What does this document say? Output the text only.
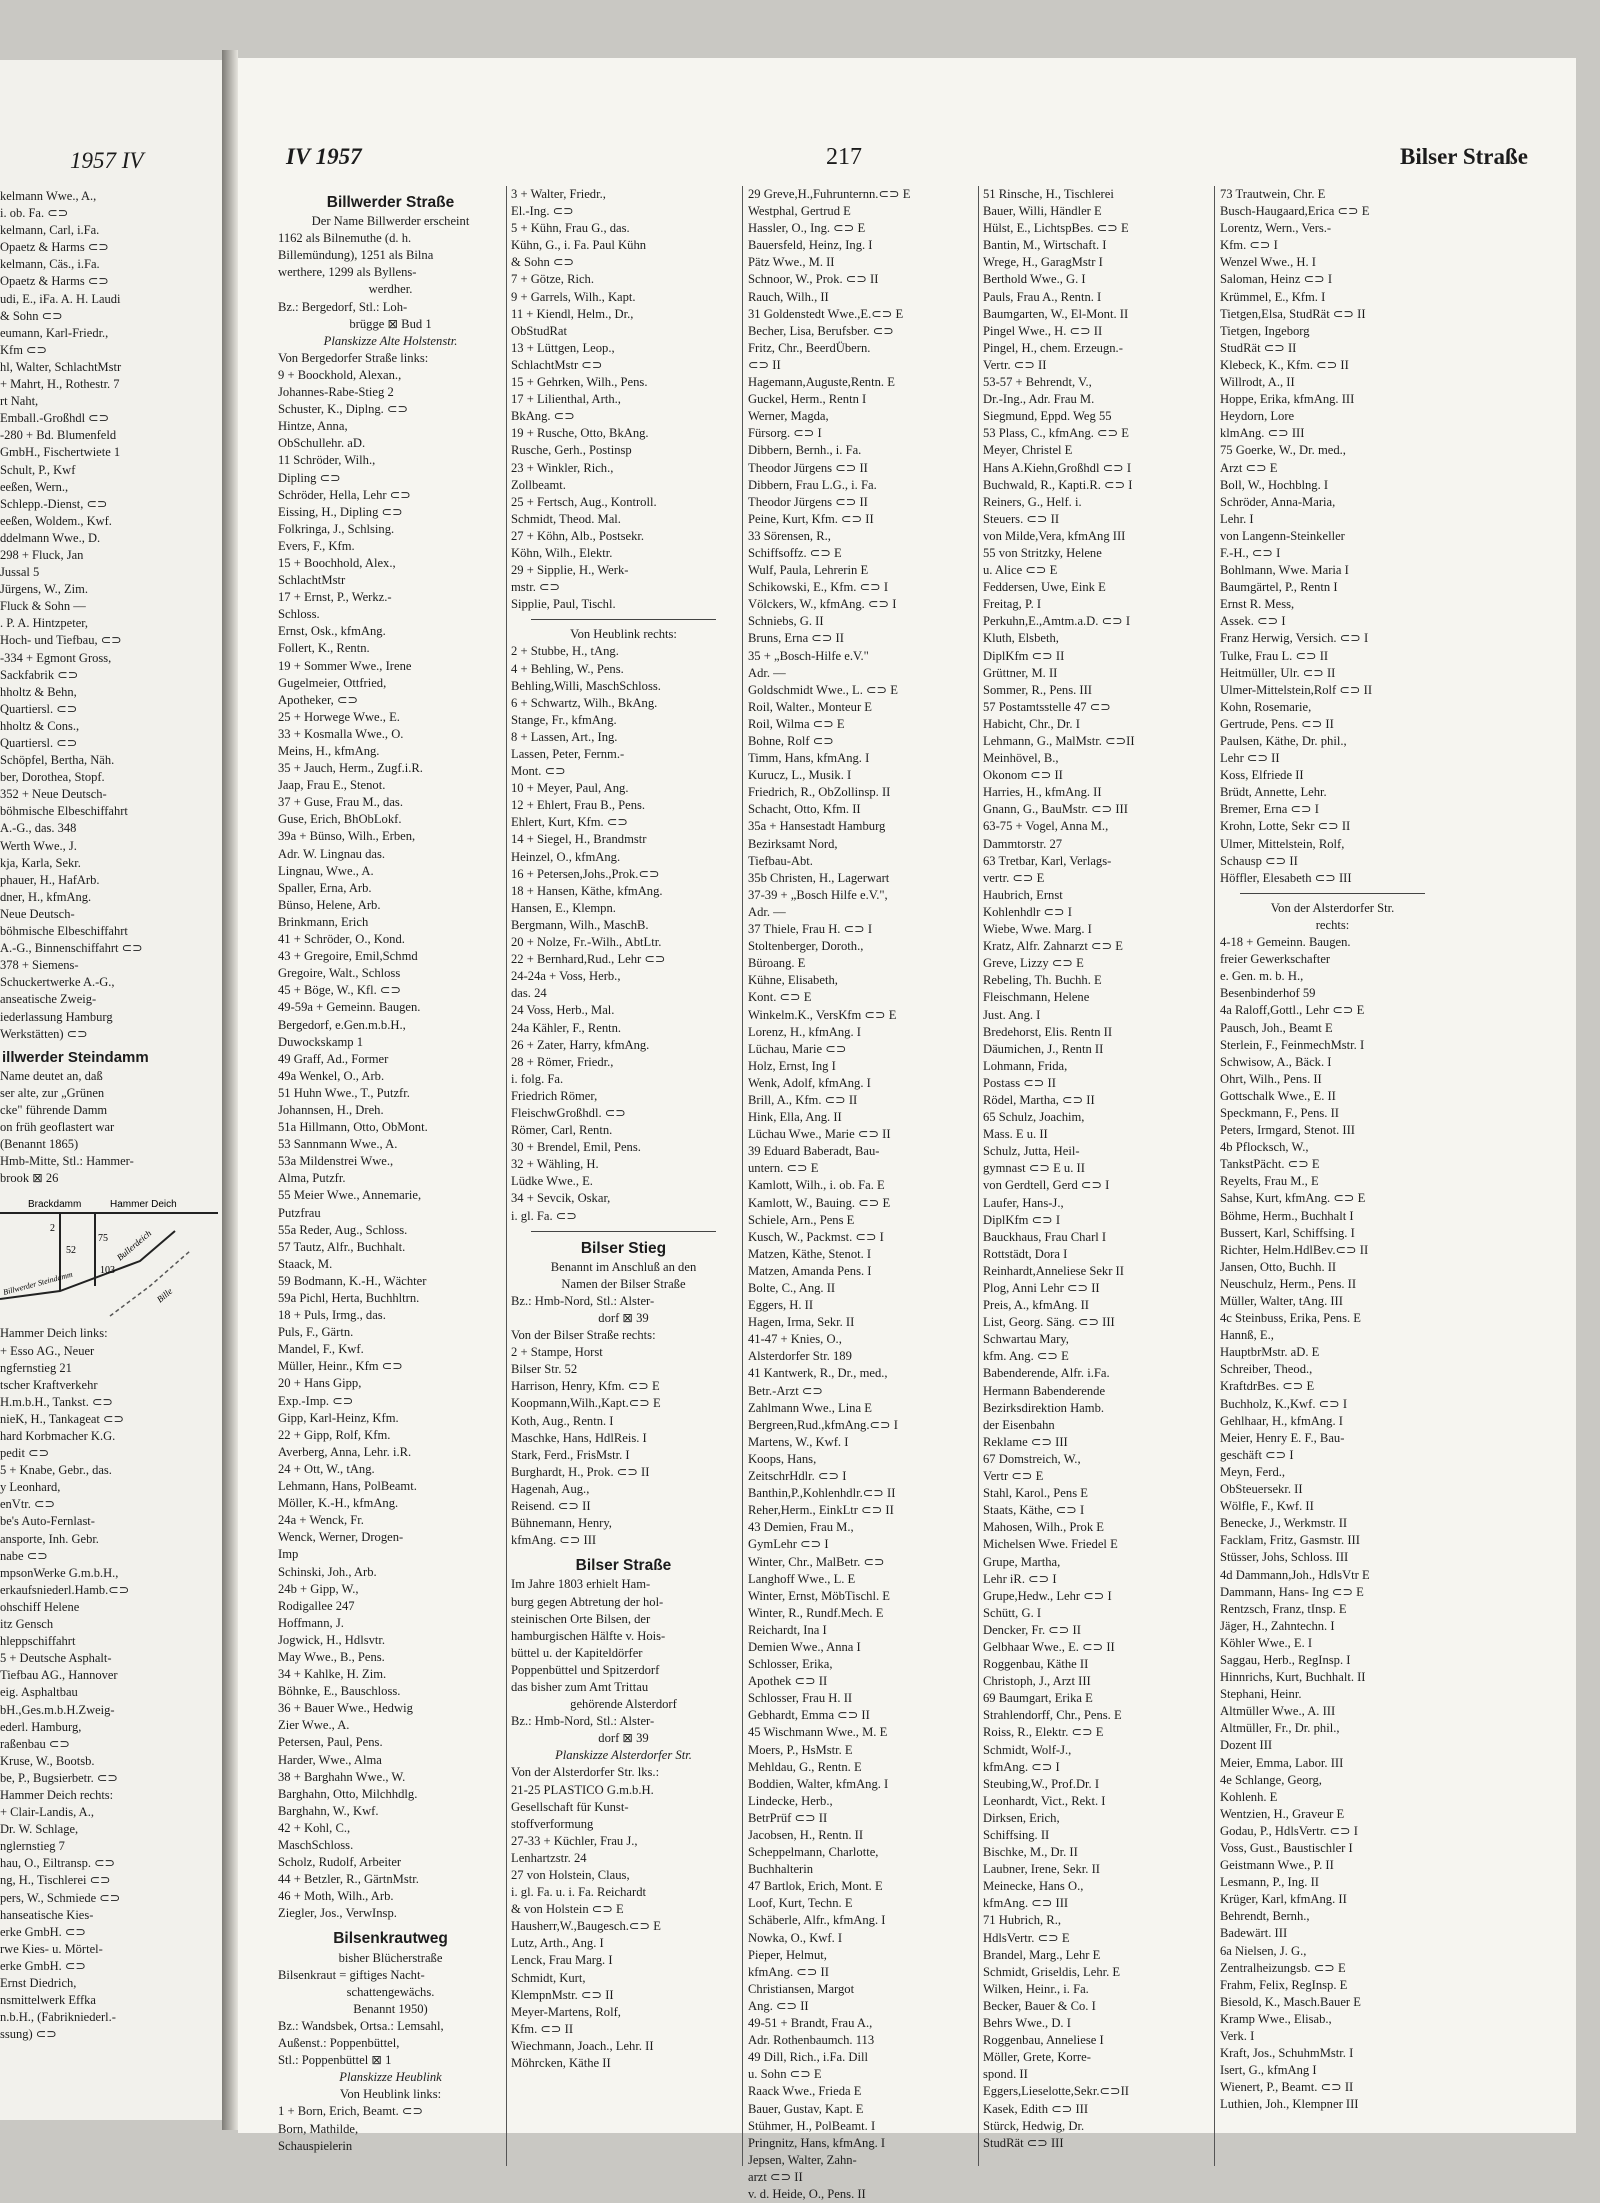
1957 IV
kelmann Wwe., A.,
i. ob. Fa. ⊂⊃
kelmann, Carl, i.Fa.
Opaetz & Harms ⊂⊃
kelmann, Cäs., i.Fa.
Opaetz & Harms ⊂⊃
udi, E., iFa. A. H. Laudi
& Sohn ⊂⊃
eumann, Karl-Friedr.,
Kfm ⊂⊃
hl, Walter, SchlachtMstr
+ Mahrt, H., Rothestr. 7
rt Naht,
Emball.-Großhdl ⊂⊃
-280 + Bd. Blumenfeld
GmbH., Fischertwiete 1
Schult, P., Kwf
eeßen, Wern.,
Schlepp.-Dienst, ⊂⊃
eeßen, Woldem., Kwf.
ddelmann Wwe., D.
298 + Fluck, Jan
Jussal 5
Jürgens, W., Zim.
Fluck & Sohn —
. P. A. Hintzpeter,
Hoch- und Tiefbau, ⊂⊃
-334 + Egmont Gross,
Sackfabrik ⊂⊃
hholtz & Behn,
Quartiersl. ⊂⊃
hholtz & Cons.,
Quartiersl. ⊂⊃
Schöpfel, Bertha, Näh.
ber, Dorothea, Stopf.
352 + Neue Deutsch-
böhmische Elbeschiffahrt
A.-G., das. 348
Werth Wwe., J.
kja, Karla, Sekr.
phauer, H., HafArb.
dner, H., kfmAng.
Neue Deutsch-
böhmische Elbeschiffahrt
A.-G., Binnenschiffahrt ⊂⊃
378 + Siemens-
Schuckertwerke A.-G.,
anseatische Zweig-
iederlassung Hamburg
Werkstätten) ⊂⊃
illwerder Steindamm
Name deutet an, daß
ser alte, zur „Grünen
cke" führende Damm
on früh geoflastert war
(Benannt 1865)
Hmb-Mitte, Stl.: Hammer-
brook ⊠ 26
Brackdamm	Hammer Deich
2
52
75
103
Bullerdeich
Billwerder Steindamm	Bille
Hammer Deich links:
+ Esso AG., Neuer
ngfernstieg 21
tscher Kraftverkehr
H.m.b.H., Tankst. ⊂⊃
nieK, H., Tankageat ⊂⊃
hard Korbmacher K.G.
pedit ⊂⊃
5 + Knabe, Gebr., das.
y Leonhard,
enVtr. ⊂⊃
be's Auto-Fernlast-
ansporte, Inh. Gebr.
nabe ⊂⊃
mpsonWerke G.m.b.H.,
erkaufsniederl.Hamb.⊂⊃
ohschiff Helene
itz Gensch
hleppschiffahrt
5 + Deutsche Asphalt-
Tiefbau AG., Hannover
eig. Asphaltbau
bH.,Ges.m.b.H.Zweig-
ederl. Hamburg,
raßenbau ⊂⊃
Kruse, W., Bootsb.
be, P., Bugsierbetr. ⊂⊃
Hammer Deich rechts:
+ Clair-Landis, A.,
Dr. W. Schlage,
nglernstieg 7
hau, O., Eiltransp. ⊂⊃
ng, H., Tischlerei ⊂⊃
pers, W., Schmiede ⊂⊃
hanseatische Kies-
erke GmbH. ⊂⊃
rwe Kies- u. Mörtel-
erke GmbH. ⊂⊃
Ernst Diedrich,
nsmittelwerk Effka
n.b.H., (Fabrikniederl.-
ssung) ⊂⊃
IV 1957	217	Bilser Straße
Billwerder Straße
Der Name Billwerder erscheint
1162 als Bilnemuthe (d. h.
Billemündung), 1251 als Bilna
werthere, 1299 als Byllens-
werdher.
Bz.: Bergedorf, Stl.: Loh-
brügge ⊠ Bud 1
Planskizze Alte Holstenstr.
Von Bergedorfer Straße links:
9 + Boockhold, Alexan.,
Johannes-Rabe-Stieg 2
Schuster, K., Diplng. ⊂⊃
Hintze, Anna,
ObSchullehr. aD.
11 Schröder, Wilh.,
Dipling ⊂⊃
Schröder, Hella, Lehr ⊂⊃
Eissing, H., Dipling ⊂⊃
Folkringa, J., Schlsing.
Evers, F., Kfm.
15 + Boochhold, Alex.,
SchlachtMstr
17 + Ernst, P., Werkz.-
Schloss.
Ernst, Osk., kfmAng.
Follert, K., Rentn.
19 + Sommer Wwe., Irene
Gugelmeier, Ottfried,
Apotheker, ⊂⊃
25 + Horwege Wwe., E.
33 + Kosmalla Wwe., O.
Meins, H., kfmAng.
35 + Jauch, Herm., Zugf.i.R.
Jaap, Frau E., Stenot.
37 + Guse, Frau M., das.
Guse, Erich, BhObLokf.
39a + Bünso, Wilh., Erben,
Adr. W. Lingnau das.
Lingnau, Wwe., A.
Spaller, Erna, Arb.
Bünso, Helene, Arb.
Brinkmann, Erich
41 + Schröder, O., Kond.
43 + Gregoire, Emil,Schmd
Gregoire, Walt., Schloss
45 + Böge, W., Kfl. ⊂⊃
49-59a + Gemeinn. Baugen.
Bergedorf, e.Gen.m.b.H.,
Duwockskamp 1
49 Graff, Ad., Former
49a Wenkel, O., Arb.
51 Huhn Wwe., T., Putzfr.
Johannsen, H., Dreh.
51a Hillmann, Otto, ObMont.
53 Sannmann Wwe., A.
53a Mildenstrei Wwe.,
Alma, Putzfr.
55 Meier Wwe., Annemarie,
Putzfrau
55a Reder, Aug., Schloss.
57 Tautz, Alfr., Buchhalt.
Staack, M.
59 Bodmann, K.-H., Wächter
59a Pichl, Herta, Buchhltrn.
18 + Puls, Irmg., das.
Puls, F., Gärtn.
Mandel, F., Kwf.
Müller, Heinr., Kfm ⊂⊃
20 + Hans Gipp,
Exp.-Imp. ⊂⊃
Gipp, Karl-Heinz, Kfm.
22 + Gipp, Rolf, Kfm.
Averberg, Anna, Lehr. i.R.
24 + Ott, W., tAng.
Lehmann, Hans, PolBeamt.
Möller, K.-H., kfmAng.
24a + Wenck, Fr.
Wenck, Werner, Drogen-
Imp
Schinski, Joh., Arb.
24b + Gipp, W.,
Rodigallee 247
Hoffmann, J.
Jogwick, H., Hdlsvtr.
May Wwe., B., Pens.
34 + Kahlke, H. Zim.
Böhnke, E., Bauschloss.
36 + Bauer Wwe., Hedwig
Zier Wwe., A.
Petersen, Paul, Pens.
Harder, Wwe., Alma
38 + Barghahn Wwe., W.
Barghahn, Otto, Milchhdlg.
Barghahn, W., Kwf.
42 + Kohl, C.,
MaschSchloss.
Scholz, Rudolf, Arbeiter
44 + Betzler, R., GärtnMstr.
46 + Moth, Wilh., Arb.
Ziegler, Jos., VerwInsp.
Bilsenkrautweg
bisher Blücherstraße
Bilsenkraut = giftiges Nacht-
schattengewächs.
Benannt 1950)
Bz.: Wandsbek, Ortsa.: Lemsahl,
Außenst.: Poppenbüttel,
Stl.: Poppenbüttel ⊠ 1
Planskizze Heublink
Von Heublink links:
1 + Born, Erich, Beamt. ⊂⊃
Born, Mathilde,
Schauspielerin
3 + Walter, Friedr.,
El.-Ing. ⊂⊃
5 + Kühn, Frau G., das.
Kühn, G., i. Fa. Paul Kühn
& Sohn ⊂⊃
7 + Götze, Rich.
9 + Garrels, Wilh., Kapt.
11 + Kiendl, Helm., Dr.,
ObStudRat
13 + Lüttgen, Leop.,
SchlachtMstr ⊂⊃
15 + Gehrken, Wilh., Pens.
17 + Lilienthal, Arth.,
BkAng. ⊂⊃
19 + Rusche, Otto, BkAng.
Rusche, Gerh., Postinsp
23 + Winkler, Rich.,
Zollbeamt.
25 + Fertsch, Aug., Kontroll.
Schmidt, Theod. Mal.
27 + Köhn, Alb., Postsekr.
Köhn, Wilh., Elektr.
29 + Sipplie, H., Werk-
mstr. ⊂⊃
Sipplie, Paul, Tischl.
Von Heublink rechts:
2 + Stubbe, H., tAng.
4 + Behling, W., Pens.
Behling,Willi, MaschSchloss.
6 + Schwartz, Wilh., BkAng.
Stange, Fr., kfmAng.
8 + Lassen, Art., Ing.
Lassen, Peter, Fernm.-
Mont. ⊂⊃
10 + Meyer, Paul, Ang.
12 + Ehlert, Frau B., Pens.
Ehlert, Kurt, Kfm. ⊂⊃
14 + Siegel, H., Brandmstr
Heinzel, O., kfmAng.
16 + Petersen,Johs.,Prok.⊂⊃
18 + Hansen, Käthe, kfmAng.
Hansen, E., Klempn.
Bergmann, Wilh., MaschB.
20 + Nolze, Fr.-Wilh., AbtLtr.
22 + Bernhard,Rud., Lehr ⊂⊃
24-24a + Voss, Herb.,
das. 24
24 Voss, Herb., Mal.
24a Kähler, F., Rentn.
26 + Zater, Harry, kfmAng.
28 + Römer, Friedr.,
i. folg. Fa.
Friedrich Römer,
FleischwGroßhdl. ⊂⊃
Römer, Carl, Rentn.
30 + Brendel, Emil, Pens.
32 + Wähling, H.
Lüdke Wwe., E.
34 + Sevcik, Oskar,
i. gl. Fa. ⊂⊃
Bilser Stieg
Benannt im Anschluß an den
Namen der Bilser Straße
Bz.: Hmb-Nord, Stl.: Alster-
dorf ⊠ 39
Von der Bilser Straße rechts:
2 + Stampe, Horst
Bilser Str. 52
Harrison, Henry, Kfm. ⊂⊃ E
Koopmann,Wilh.,Kapt.⊂⊃ E
Koth, Aug., Rentn. I
Maschke, Hans, HdlReis. I
Stark, Ferd., FrisMstr. I
Burghardt, H., Prok. ⊂⊃ II
Hagenah, Aug.,
Reisend. ⊂⊃ II
Bühnemann, Henry,
kfmAng. ⊂⊃ III
Bilser Straße
Im Jahre 1803 erhielt Ham-
burg gegen Abtretung der hol-
steinischen Orte Bilsen, der
hamburgischen Hälfte v. Hois-
büttel u. der Kapiteldörfer
Poppenbüttel und Spitzerdorf
das bisher zum Amt Trittau
gehörende Alsterdorf
Bz.: Hmb-Nord, Stl.: Alster-
dorf ⊠ 39
Planskizze Alsterdorfer Str.
Von der Alsterdorfer Str. lks.:
21-25 PLASTICO G.m.b.H.
Gesellschaft für Kunst-
stoffverformung
27-33 + Küchler, Frau J.,
Lenhartzstr. 24
27 von Holstein, Claus,
i. gl. Fa. u. i. Fa. Reichardt
& von Holstein ⊂⊃ E
Hausherr,W.,Baugesch.⊂⊃ E
Lutz, Arth., Ang. I
Lenck, Frau Marg. I
Schmidt, Kurt,
KlempnMstr. ⊂⊃ II
Meyer-Martens, Rolf,
Kfm. ⊂⊃ II
Wiechmann, Joach., Lehr. II
Möhrcken, Käthe II
29 Greve,H.,Fuhrunternn.⊂⊃ E
Westphal, Gertrud E
Hassler, O., Ing. ⊂⊃ E
Bauersfeld, Heinz, Ing. I
Pätz Wwe., M. II
Schnoor, W., Prok. ⊂⊃ II
Rauch, Wilh., II
31 Goldenstedt Wwe.,E.⊂⊃ E
Becher, Lisa, Berufsber. ⊂⊃
Fritz, Chr., BeerdÜbern.
⊂⊃ II
Hagemann,Auguste,Rentn. E
Guckel, Herm., Rentn I
Werner, Magda,
Fürsorg. ⊂⊃ I
Dibbern, Bernh., i. Fa.
Theodor Jürgens ⊂⊃ II
Dibbern, Frau L.G., i. Fa.
Theodor Jürgens ⊂⊃ II
Peine, Kurt, Kfm. ⊂⊃ II
33 Sörensen, R.,
Schiffsoffz. ⊂⊃ E
Wulf, Paula, Lehrerin E
Schikowski, E., Kfm. ⊂⊃ I
Völckers, W., kfmAng. ⊂⊃ I
Schniebs, G. II
Bruns, Erna ⊂⊃ II
35 + „Bosch-Hilfe e.V."
Adr. —
Goldschmidt Wwe., L. ⊂⊃ E
Roil, Walter., Monteur E
Roil, Wilma ⊂⊃ E
Bohne, Rolf ⊂⊃
Timm, Hans, kfmAng. I
Kurucz, L., Musik. I
Friedrich, R., ObZollinsp. II
Schacht, Otto, Kfm. II
35a + Hansestadt Hamburg
Bezirksamt Nord,
Tiefbau-Abt.
35b Christen, H., Lagerwart
37-39 + „Bosch Hilfe e.V.",
Adr. —
37 Thiele, Frau H. ⊂⊃ I
Stoltenberger, Doroth.,
Büroang. E
Kühne, Elisabeth,
Kont. ⊂⊃ E
Winkelm.K., VersKfm ⊂⊃ E
Lorenz, H., kfmAng. I
Lüchau, Marie ⊂⊃
Holz, Ernst, Ing I
Wenk, Adolf, kfmAng. I
Brill, A., Kfm. ⊂⊃ II
Hink, Ella, Ang. II
Lüchau Wwe., Marie ⊂⊃ II
39 Eduard Baberadt, Bau-
untern. ⊂⊃ E
Kamlott, Wilh., i. ob. Fa. E
Kamlott, W., Bauing. ⊂⊃ E
Schiele, Arn., Pens E
Kusch, W., Packmst. ⊂⊃ I
Matzen, Käthe, Stenot. I
Matzen, Amanda Pens. I
Bolte, C., Ang. II
Eggers, H. II
Hagen, Irma, Sekr. II
41-47 + Knies, O.,
Alsterdorfer Str. 189
41 Kantwerk, R., Dr., med.,
Betr.-Arzt ⊂⊃
Zahlmann Wwe., Lina E
Bergreen,Rud.,kfmAng.⊂⊃ I
Martens, W., Kwf. I
Koops, Hans,
ZeitschrHdlr. ⊂⊃ I
Banthin,P.,Kohlenhdlr.⊂⊃ II
Reher,Herm., EinkLtr ⊂⊃ II
43 Demien, Frau M.,
GymLehr ⊂⊃ I
Winter, Chr., MalBetr. ⊂⊃
Langhoff Wwe., L. E
Winter, Ernst, MöbTischl. E
Winter, R., Rundf.Mech. E
Reichardt, Ina I
Demien Wwe., Anna I
Schlosser, Erika,
Apothek ⊂⊃ II
Schlosser, Frau H. II
Gebhardt, Emma ⊂⊃ II
45 Wischmann Wwe., M. E
Moers, P., HsMstr. E
Mehldau, G., Rentn. E
Boddien, Walter, kfmAng. I
Lindecke, Herb.,
BetrPrüf ⊂⊃ II
Jacobsen, H., Rentn. II
Scheppelmann, Charlotte,
Buchhalterin
47 Bartlok, Erich, Mont. E
Loof, Kurt, Techn. E
Schäberle, Alfr., kfmAng. I
Nowka, O., Kwf. I
Pieper, Helmut,
kfmAng. ⊂⊃ II
Christiansen, Margot
Ang. ⊂⊃ II
49-51 + Brandt, Frau A.,
Adr. Rothenbaumch. 113
49 Dill, Rich., i.Fa. Dill
u. Sohn ⊂⊃ E
Raack Wwe., Frieda E
Bauer, Gustav, Kapt. E
Stühmer, H., PolBeamt. I
Pringnitz, Hans, kfmAng. I
Jepsen, Walter, Zahn-
arzt ⊂⊃ II
v. d. Heide, O., Pens. II
51 Rinsche, H., Tischlerei
Bauer, Willi, Händler E
Hülst, E., LichtspBes. ⊂⊃ E
Bantin, M., Wirtschaft. I
Wrege, H., GaragMstr I
Berthold Wwe., G. I
Pauls, Frau A., Rentn. I
Baumgarten, W., El-Mont. II
Pingel Wwe., H. ⊂⊃ II
Pingel, H., chem. Erzeugn.-
Vertr. ⊂⊃ II
53-57 + Behrendt, V.,
Dr.-Ing., Adr. Frau M.
Siegmund, Eppd. Weg 55
53 Plass, C., kfmAng. ⊂⊃ E
Meyer, Christel E
Hans A.Kiehn,Großhdl ⊂⊃ I
Buchwald, R., Kapti.R. ⊂⊃ I
Reiners, G., Helf. i.
Steuers. ⊂⊃ II
von Milde,Vera, kfmAng III
55 von Stritzky, Helene
u. Alice ⊂⊃ E
Feddersen, Uwe, Eink E
Freitag, P. I
Perkuhn,E.,Amtm.a.D. ⊂⊃ I
Kluth, Elsbeth,
DiplKfm ⊂⊃ II
Grüttner, M. II
Sommer, R., Pens. III
57 Postamtsstelle 47 ⊂⊃
Habicht, Chr., Dr. I
Lehmann, G., MalMstr. ⊂⊃II
Meinhövel, B.,
Okonom ⊂⊃ II
Harries, H., kfmAng. II
Gnann, G., BauMstr. ⊂⊃ III
63-75 + Vogel, Anna M.,
Dammtorstr. 27
63 Tretbar, Karl, Verlags-
vertr. ⊂⊃ E
Haubrich, Ernst
Kohlenhdlr ⊂⊃ I
Wiebe, Wwe. Marg. I
Kratz, Alfr. Zahnarzt ⊂⊃ E
Greve, Lizzy ⊂⊃ E
Rebeling, Th. Buchh. E
Fleischmann, Helene
Just. Ang. I
Bredehorst, Elis. Rentn II
Däumichen, J., Rentn II
Lohmann, Frida,
Postass ⊂⊃ II
Rödel, Martha, ⊂⊃ II
65 Schulz, Joachim,
Mass. E u. II
Schulz, Jutta, Heil-
gymnast ⊂⊃ E u. II
von Gerdtell, Gerd ⊂⊃ I
Laufer, Hans-J.,
DiplKfm ⊂⊃ I
Bauckhaus, Frau Charl I
Rottstädt, Dora I
Reinhardt,Anneliese Sekr II
Plog, Anni Lehr ⊂⊃ II
Preis, A., kfmAng. II
List, Georg. Säng. ⊂⊃ III
Schwartau Mary,
kfm. Ang. ⊂⊃ E
Babenderende, Alfr. i.Fa.
Hermann Babenderende
Bezirksdirektion Hamb.
der Eisenbahn
Reklame ⊂⊃ III
67 Domstreich, W.,
Vertr ⊂⊃ E
Stahl, Karol., Pens E
Staats, Käthe, ⊂⊃ I
Mahosen, Wilh., Prok E
Michelsen Wwe. Friedel E
Grupe, Martha,
Lehr iR. ⊂⊃ I
Grupe,Hedw., Lehr ⊂⊃ I
Schütt, G. I
Dencker, Fr. ⊂⊃ II
Gelbhaar Wwe., E. ⊂⊃ II
Roggenbau, Käthe II
Christoph, J., Arzt III
69 Baumgart, Erika E
Strahlendorff, Chr., Pens. E
Roiss, R., Elektr. ⊂⊃ E
Schmidt, Wolf-J.,
kfmAng. ⊂⊃ I
Steubing,W., Prof.Dr. I
Leonhardt, Vict., Rekt. I
Dirksen, Erich,
Schiffsing. II
Bischke, M., Dr. II
Laubner, Irene, Sekr. II
Meinecke, Hans O.,
kfmAng. ⊂⊃ III
71 Hubrich, R.,
HdlsVertr. ⊂⊃ E
Brandel, Marg., Lehr E
Schmidt, Griseldis, Lehr. E
Wilken, Heinr., i. Fa.
Becker, Bauer & Co. I
Behrs Wwe., D. I
Roggenbau, Anneliese I
Möller, Grete, Korre-
spond. II
Eggers,Lieselotte,Sekr.⊂⊃II
Kasek, Edith ⊂⊃ III
Stürck, Hedwig, Dr.
StudRät ⊂⊃ III
73 Trautwein, Chr. E
Busch-Haugaard,Erica ⊂⊃ E
Lorentz, Wern., Vers.-
Kfm. ⊂⊃ I
Wenzel Wwe., H. I
Saloman, Heinz ⊂⊃ I
Krümmel, E., Kfm. I
Tietgen,Elsa, StudRät ⊂⊃ II
Tietgen, Ingeborg
StudRät ⊂⊃ II
Klebeck, K., Kfm. ⊂⊃ II
Willrodt, A., II
Hoppe, Erika, kfmAng. III
Heydorn, Lore
klmAng. ⊂⊃ III
75 Goerke, W., Dr. med.,
Arzt ⊂⊃ E
Boll, W., Hochblng. I
Schröder, Anna-Maria,
Lehr. I
von Langenn-Steinkeller
F.-H., ⊂⊃ I
Bohlmann, Wwe. Maria I
Baumgärtel, P., Rentn I
Ernst R. Mess,
Assek. ⊂⊃ I
Franz Herwig, Versich. ⊂⊃ I
Tulke, Frau L. ⊂⊃ II
Heitmüller, Ulr. ⊂⊃ II
Ulmer-Mittelstein,Rolf ⊂⊃ II
Kohn, Rosemarie,
Gertrude, Pens. ⊂⊃ II
Paulsen, Käthe, Dr. phil.,
Lehr ⊂⊃ II
Koss, Elfriede II
Brüdt, Annette, Lehr.
Bremer, Erna ⊂⊃ I
Krohn, Lotte, Sekr ⊂⊃ II
Ulmer, Mittelstein, Rolf,
Schausp ⊂⊃ II
Höffler, Elesabeth ⊂⊃ III
Von der Alsterdorfer Str.
rechts:
4-18 + Gemeinn. Baugen.
freier Gewerkschafter
e. Gen. m. b. H.,
Besenbinderhof 59
4a Raloff,Gottl., Lehr ⊂⊃ E
Pausch, Joh., Beamt E
Sterlein, F., FeinmechMstr. I
Schwisow, A., Bäck. I
Ohrt, Wilh., Pens. II
Gottschalk Wwe., E. II
Speckmann, F., Pens. II
Peters, Irmgard, Stenot. III
4b Pflocksch, W.,
TankstPächt. ⊂⊃ E
Reyelts, Frau M., E
Sahse, Kurt, kfmAng. ⊂⊃ E
Böhme, Herm., Buchhalt I
Bussert, Karl, Schiffsing. I
Richter, Helm.HdlBev.⊂⊃ II
Jansen, Otto, Buchh. II
Neuschulz, Herm., Pens. II
Müller, Walter, tAng. III
4c Steinbuss, Erika, Pens. E
Hannß, E.,
HauptbrMstr. aD. E
Schreiber, Theod.,
KraftdrBes. ⊂⊃ E
Buchholz, K.,Kwf. ⊂⊃ I
Gehlhaar, H., kfmAng. I
Meier, Henry E. F., Bau-
geschäft ⊂⊃ I
Meyn, Ferd.,
ObSteuersekr. II
Wölfle, F., Kwf. II
Benecke, J., Werkmstr. II
Facklam, Fritz, Gasmstr. III
Stüsser, Johs, Schloss. III
4d Dammann,Joh., HdlsVtr E
Dammann, Hans- Ing ⊂⊃ E
Rentzsch, Franz, tInsp. E
Jäger, H., Zahntechn. I
Köhler Wwe., E. I
Saggau, Herb., RegInsp. I
Hinnrichs, Kurt, Buchhalt. II
Stephani, Heinr.
Altmüller Wwe., A. III
Altmüller, Fr., Dr. phil.,
Dozent III
Meier, Emma, Labor. III
4e Schlange, Georg,
Kohlenh. E
Wentzien, H., Graveur E
Godau, P., HdlsVertr. ⊂⊃ I
Voss, Gust., Baustischler I
Geistmann Wwe., P. II
Lesmann, P., Ing. II
Krüger, Karl, kfmAng. II
Behrendt, Bernh.,
Badewärt. III
6a Nielsen, J. G.,
Zentralheizungsb. ⊂⊃ E
Frahm, Felix, RegInsp. E
Biesold, K., Masch.Bauer E
Kramp Wwe., Elisab.,
Verk. I
Kraft, Jos., SchuhmMstr. I
Isert, G., kfmAng I
Wienert, P., Beamt. ⊂⊃ II
Luthien, Joh., Klempner III
